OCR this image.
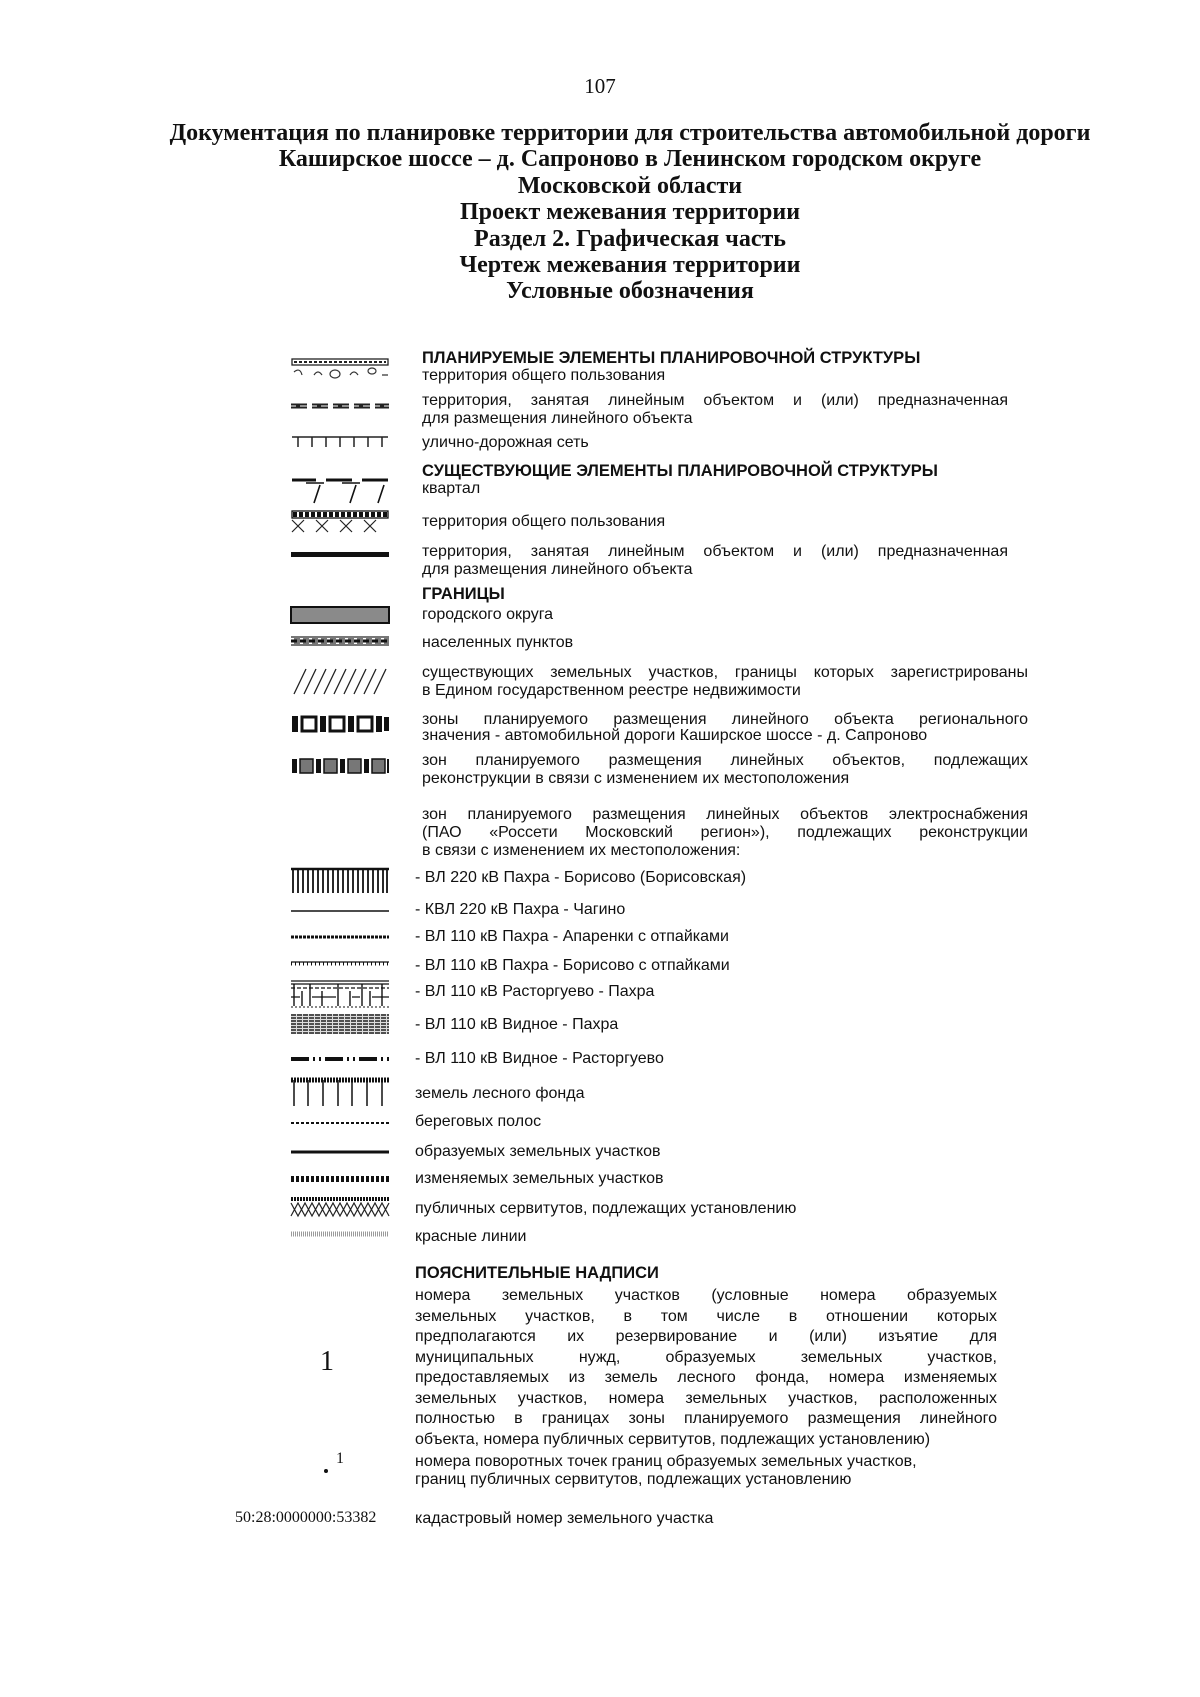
107
Документация по планировке территории для строительства автомобильной дороги
Каширское шоссе – д. Сапроново в Ленинском городском округе
Московской области
Проект межевания территории
Раздел 2. Графическая часть
Чертеж межевания территории
Условные обозначения
ПЛАНИРУЕМЫЕ ЭЛЕМЕНТЫ ПЛАНИРОВОЧНОЙ СТРУКТУРЫ
территория общего пользования
территория, занятая линейным объектом и (или) предназначенная
для размещения линейного объекта
улично-дорожная сеть
СУЩЕСТВУЮЩИЕ ЭЛЕМЕНТЫ ПЛАНИРОВОЧНОЙ СТРУКТУРЫ
квартал
территория общего пользования
территория, занятая линейным объектом и (или) предназначенная
для размещения линейного объекта
ГРАНИЦЫ
городского округа
населенных пунктов
существующих земельных участков, границы которых зарегистрированы
в Едином государственном реестре недвижимости
зоны планируемого размещения линейного объекта регионального
значения - автомобильной дороги Каширское шоссе - д. Сапроново
зон планируемого размещения линейных объектов, подлежащих
реконструкции в связи с изменением их местоположения
зон планируемого размещения линейных объектов электроснабжения
(ПАО «Россети Московский регион»), подлежащих реконструкции
в связи с изменением их местоположения:
- ВЛ 220 кВ Пахра - Борисово (Борисовская)
- КВЛ 220 кВ Пахра - Чагино
- ВЛ 110 кВ Пахра - Апаренки с отпайками
- ВЛ 110 кВ Пахра - Борисово с отпайками
- ВЛ 110 кВ Расторгуево - Пахра
- ВЛ 110 кВ Видное - Пахра
- ВЛ 110 кВ Видное - Расторгуево
земель лесного фонда
береговых полос
образуемых земельных участков
изменяемых земельных участков
публичных сервитутов, подлежащих установлению
красные линии
ПОЯСНИТЕЛЬНЫЕ НАДПИСИ
1
номера земельных участков (условные номера образуемых
земельных участков, в том числе в отношении которых
предполагаются их резервирование и (или) изъятие для
муниципальных нужд, образуемых земельных участков,
предоставляемых из земель лесного фонда, номера изменяемых
земельных участков, номера земельных участков, расположенных
полностью в границах зоны планируемого размещения линейного
объекта, номера публичных сервитутов, подлежащих установлению)
1	номера поворотных точек границ образуемых земельных участков,
границ публичных сервитутов, подлежащих установлению
50:28:0000000:53382 кадастровый номер земельного участка
